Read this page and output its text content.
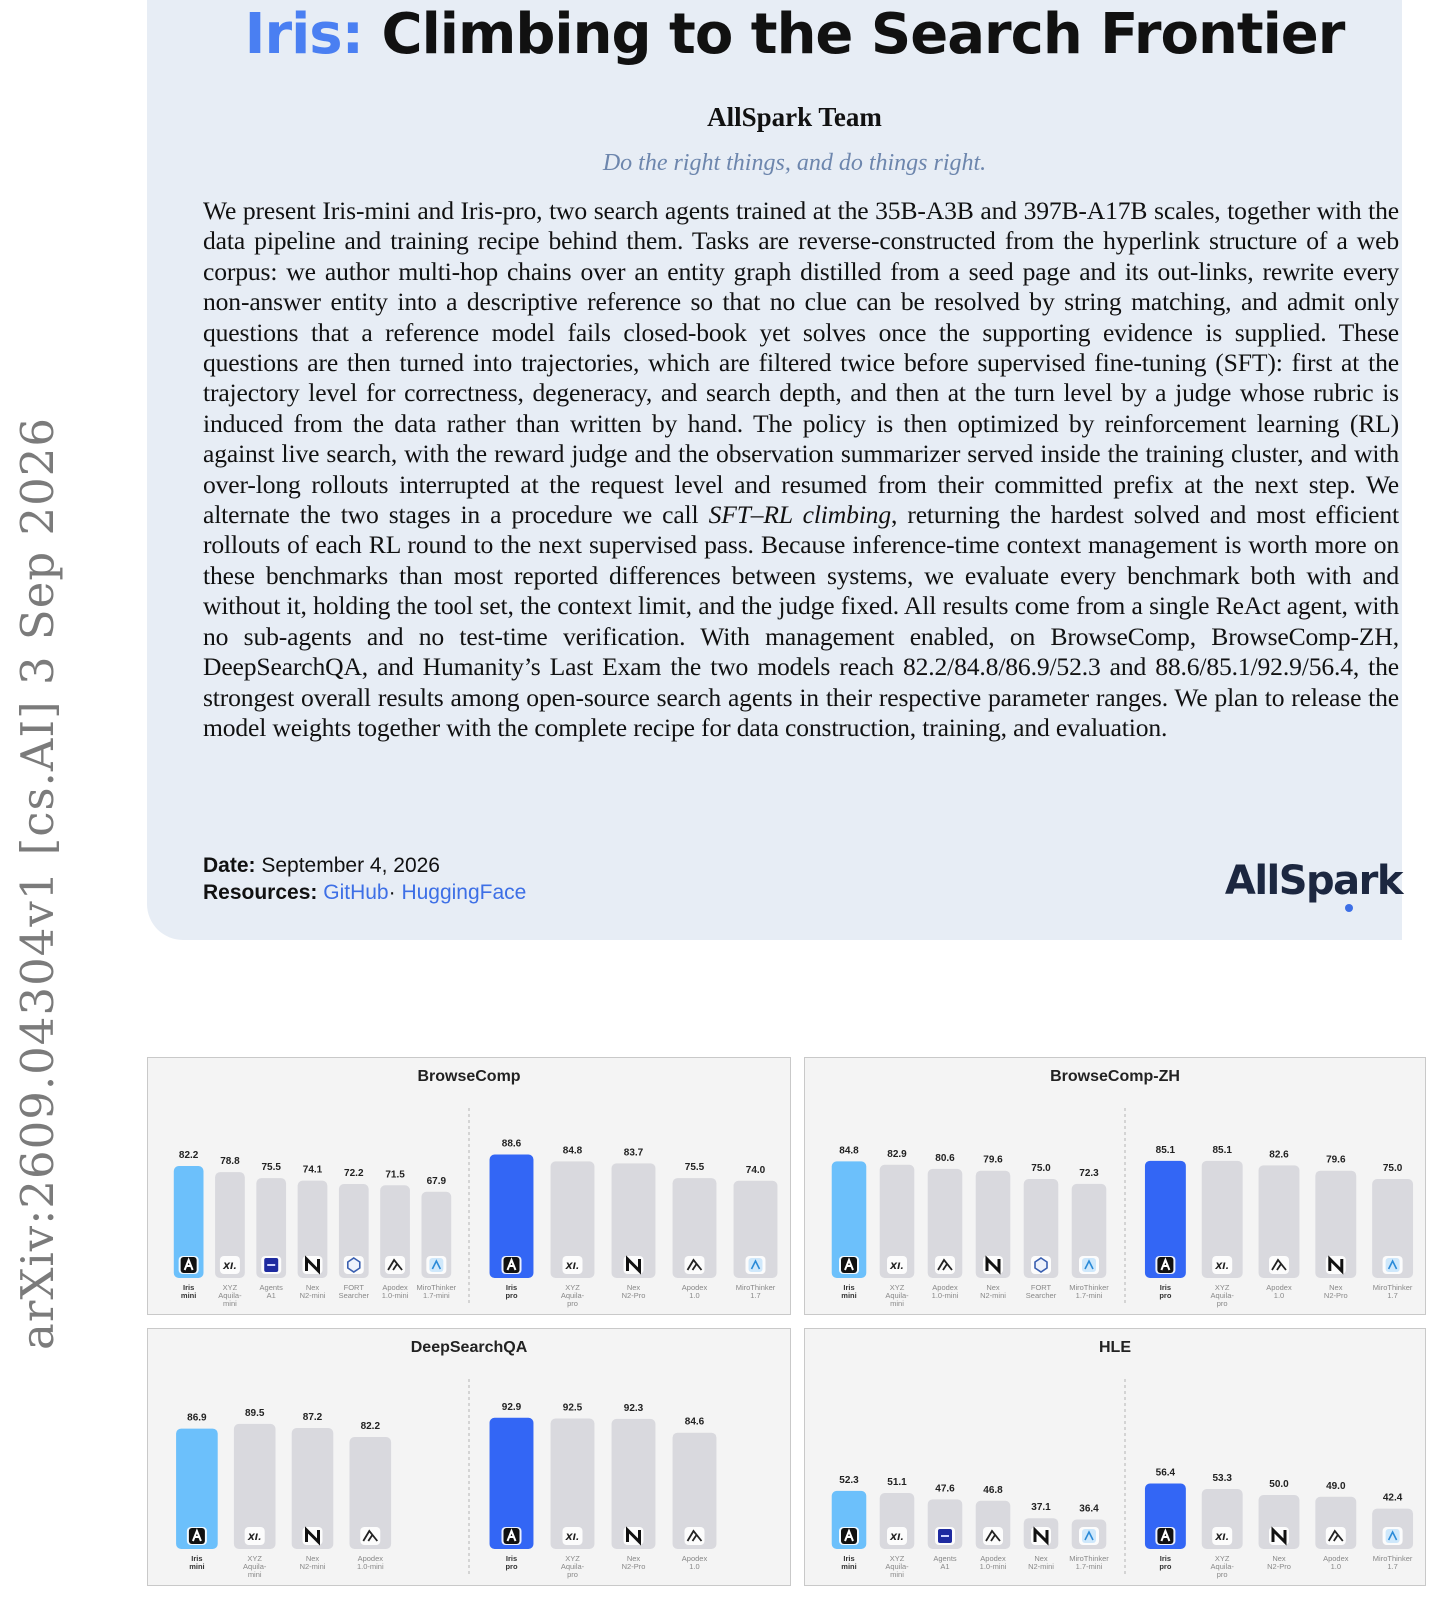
arXiv:2609.04304v1 [cs.AI] 3 Sep 2026
Iris: Climbing to the Search Frontier
AllSpark Team
Do the right things, and do things right.

We present Iris-mini and Iris-pro, two search agents trained at the 35B-A3B and 397B-A17B scales, together with the data pipeline and training recipe behind them. Tasks are reverse-constructed from the hyperlink structure of a web corpus: we author multi-hop chains over an entity graph distilled from a seed page and its out-links, rewrite every non-answer entity into a descriptive reference so that no clue can be resolved by string matching, and admit only questions that a reference model fails closed-book yet solves once the supporting evidence is supplied. These questions are then turned into trajectories, which are filtered twice before supervised fine-tuning (SFT): first at the trajectory level for correctness, degeneracy, and search depth, and then at the turn level by a judge whose rubric is induced from the data rather than written by hand. The policy is then optimized by reinforcement learning (RL) against live search, with the reward judge and the observation summarizer served inside the training cluster, and with over-long rollouts interrupted at the request level and resumed from their committed prefix at the next step. We alternate the two stages in a procedure we call SFT–RL climbing, returning the hardest solved and most efficient rollouts of each RL round to the next supervised pass. Because inference-time context management is worth more on these benchmarks than most reported differences between systems, we evaluate every benchmark both with and without it, holding the tool set, the context limit, and the judge fixed. All results come from a single ReAct agent, with no sub-agents and no test-time verification. With management enabled, on BrowseComp, BrowseComp-ZH, DeepSearchQA, and Humanity’s Last Exam the two models reach 82.2/84.8/86.9/52.3 and 88.6/85.1/92.9/56.4, the strongest overall results among open-source search agents in their respective parameter ranges. We plan to release the model weights together with the complete recipe for data construction, training, and evaluation.

Date: September 4, 2026
Resources: GitHub· HuggingFace	AllSpark
BrowseComp
82.2
Iris
mini
78.8
XI.
XYZ
Aquila-
mini
75.5
Agents
A1
74.1
Nex
N2-mini
72.2
FORT
Searcher
71.5
Apodex
1.0-mini
67.9
MiroThinker
1.7-mini
88.6
Iris
pro
84.8
XI.
XYZ
Aquila-
pro
83.7
Nex
N2-Pro
75.5
Apodex
1.0
74.0
MiroThinker
1.7
BrowseComp-ZH
84.8
Iris
mini
82.9
XI.
XYZ
Aquila-
mini
80.6
Apodex
1.0-mini
79.6
Nex
N2-mini
75.0
FORT
Searcher
72.3
MiroThinker
1.7-mini
85.1
Iris
pro
85.1
XI.
XYZ
Aquila-
pro
82.6
Apodex
1.0
79.6
Nex
N2-Pro
75.0
MiroThinker
1.7
DeepSearchQA
86.9
Iris
mini
89.5
XI.
XYZ
Aquila-
mini
87.2
Nex
N2-mini
82.2
Apodex
1.0-mini
92.9
Iris
pro
92.5
XI.
XYZ
Aquila-
pro
92.3
Nex
N2-Pro
84.6
Apodex
1.0
HLE
52.3
Iris
mini
51.1
XI.
XYZ
Aquila-
mini
47.6
Agents
A1
46.8
Apodex
1.0-mini
37.1
Nex
N2-mini
36.4
MiroThinker
1.7-mini
56.4
Iris
pro
53.3
XI.
XYZ
Aquila-
pro
50.0
Nex
N2-Pro
49.0
Apodex
1.0
42.4
MiroThinker
1.7
